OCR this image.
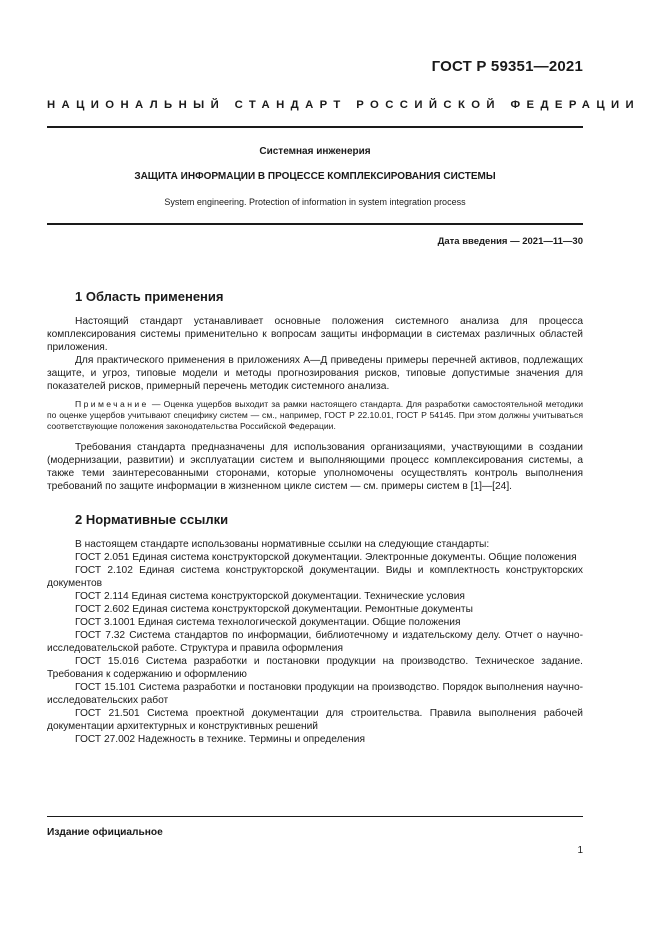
ГОСТ Р 59351—2021
НАЦИОНАЛЬНЫЙ СТАНДАРТ РОССИЙСКОЙ ФЕДЕРАЦИИ
Системная инженерия
ЗАЩИТА ИНФОРМАЦИИ В ПРОЦЕССЕ КОМПЛЕКСИРОВАНИЯ СИСТЕМЫ
System engineering. Protection of information in system integration process
Дата введения — 2021—11—30
1 Область применения

Настоящий стандарт устанавливает основные положения системного анализа для процесса комплексирования системы применительно к вопросам защиты информации в системах различных областей приложения.

Для практического применения в приложениях А—Д приведены примеры перечней активов, подлежащих защите, и угроз, типовые модели и методы прогнозирования рисков, типовые допустимые значения для показателей рисков, примерный перечень методик системного анализа.

Примечание — Оценка ущербов выходит за рамки настоящего стандарта. Для разработки самостоятельной методики по оценке ущербов учитывают специфику систем — см., например, ГОСТ Р 22.10.01, ГОСТ Р 54145. При этом должны учитываться соответствующие положения законодательства Российской Федерации.

Требования стандарта предназначены для использования организациями, участвующими в создании (модернизации, развитии) и эксплуатации систем и выполняющими процесс комплексирования системы, а также теми заинтересованными сторонами, которые уполномочены осуществлять контроль выполнения требований по защите информации в жизненном цикле систем — см. примеры систем в [1]—[24].

2 Нормативные ссылки

В настоящем стандарте использованы нормативные ссылки на следующие стандарты:

ГОСТ 2.051 Единая система конструкторской документации. Электронные документы. Общие положения

ГОСТ 2.102 Единая система конструкторской документации. Виды и комплектность конструкторских документов

ГОСТ 2.114 Единая система конструкторской документации. Технические условия

ГОСТ 2.602 Единая система конструкторской документации. Ремонтные документы

ГОСТ 3.1001 Единая система технологической документации. Общие положения

ГОСТ 7.32 Система стандартов по информации, библиотечному и издательскому делу. Отчет о научно-исследовательской работе. Структура и правила оформления

ГОСТ 15.016 Система разработки и постановки продукции на производство. Техническое задание. Требования к содержанию и оформлению

ГОСТ 15.101 Система разработки и постановки продукции на производство. Порядок выполнения научно-исследовательских работ

ГОСТ 21.501 Система проектной документации для строительства. Правила выполнения рабочей документации архитектурных и конструктивных решений

ГОСТ 27.002 Надежность в технике. Термины и определения

Издание официальное
1
